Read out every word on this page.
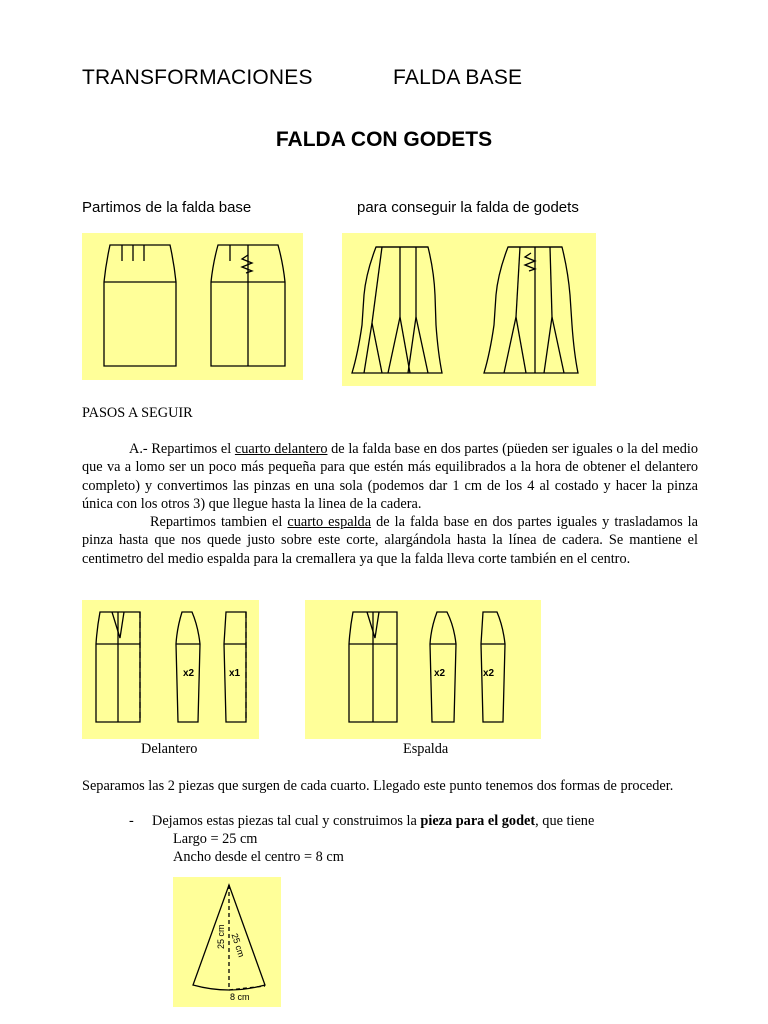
TRANSFORMACIONES	FALDA BASE
FALDA CON GODETS
Partimos de la falda base	para conseguir la falda de godets
PASOS A SEGUIR
A.- Repartimos el cuarto delantero de la falda base en dos partes (püeden ser iguales o la del medio que va a lomo ser un poco más pequeña para que estén más equilibrados a la hora de obtener el delantero completo) y convertimos las pinzas en una sola (podemos dar 1 cm de los 4 al costado y hacer la pinza única con los otros 3) que llegue hasta la linea de la cadera.
Repartimos tambien el cuarto espalda de la falda base en dos partes iguales y trasladamos la pinza hasta que nos quede justo sobre este corte, alargándola hasta la línea de cadera. Se mantiene el centimetro del medio espalda para la cremallera ya que la falda lleva corte también en el centro.
x2	x1	x2	x2
Delantero	Espalda
Separamos las 2 piezas que surgen de cada cuarto. Llegado este punto tenemos dos formas de proceder.
- Dejamos estas piezas tal cual y construimos la pieza para el godet, que tiene
Largo = 25 cm
Ancho desde el centro = 8 cm
25 cm 25 cm
8 cm
